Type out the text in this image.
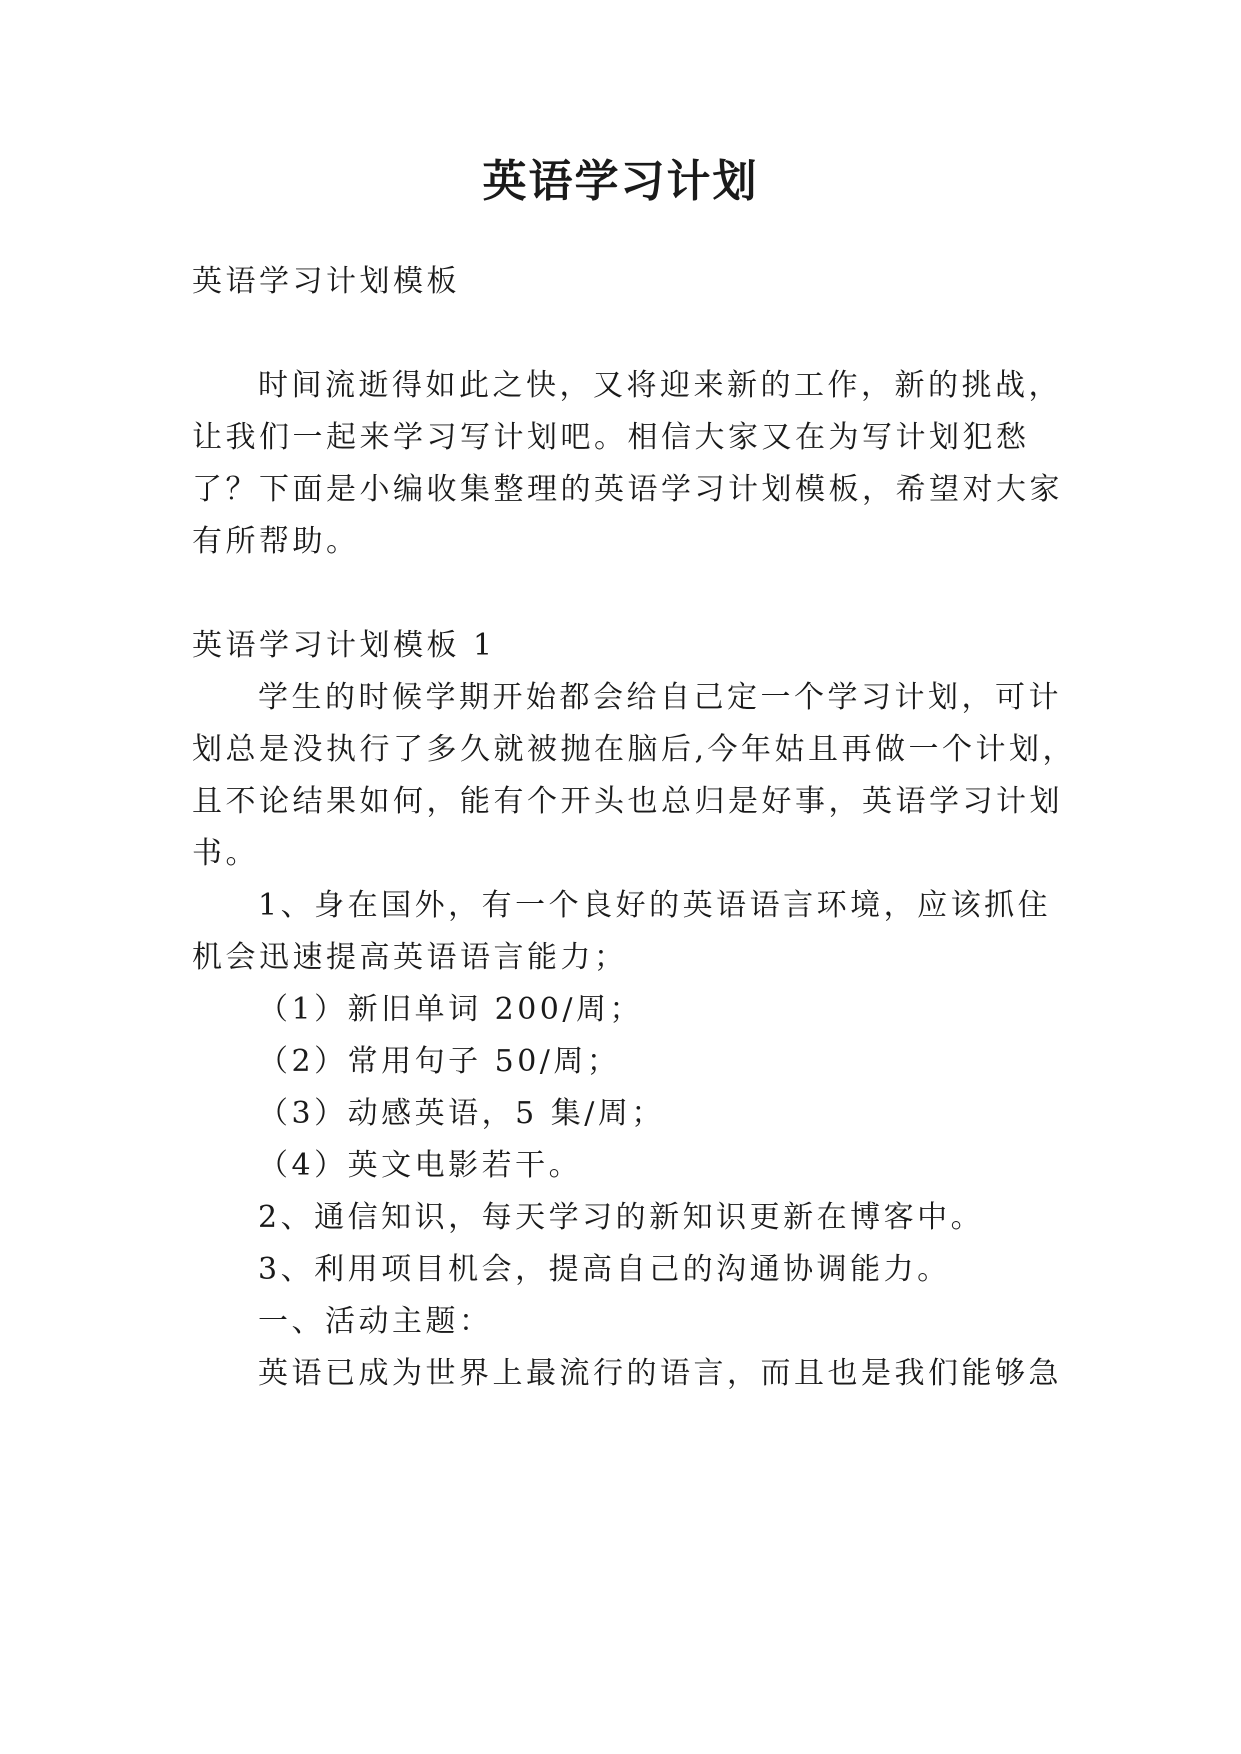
英语学习计划
英语学习计划模板
时间流逝得如此之快，又将迎来新的工作，新的挑战，
让我们一起来学习写计划吧。相信大家又在为写计划犯愁
了？下面是小编收集整理的英语学习计划模板，希望对大家
有所帮助。
英语学习计划模板 1
学生的时候学期开始都会给自己定一个学习计划，可计
划总是没执行了多久就被抛在脑后,今年姑且再做一个计划，
且不论结果如何，能有个开头也总归是好事，英语学习计划
书。
1、身在国外，有一个良好的英语语言环境，应该抓住
机会迅速提高英语语言能力；
（1）新旧单词 200/周；
（2）常用句子 50/周；
（3）动感英语，5 集/周；
（4）英文电影若干。
2、通信知识，每天学习的新知识更新在博客中。
3、利用项目机会，提高自己的沟通协调能力。
一、活动主题：
英语已成为世界上最流行的语言，而且也是我们能够急
